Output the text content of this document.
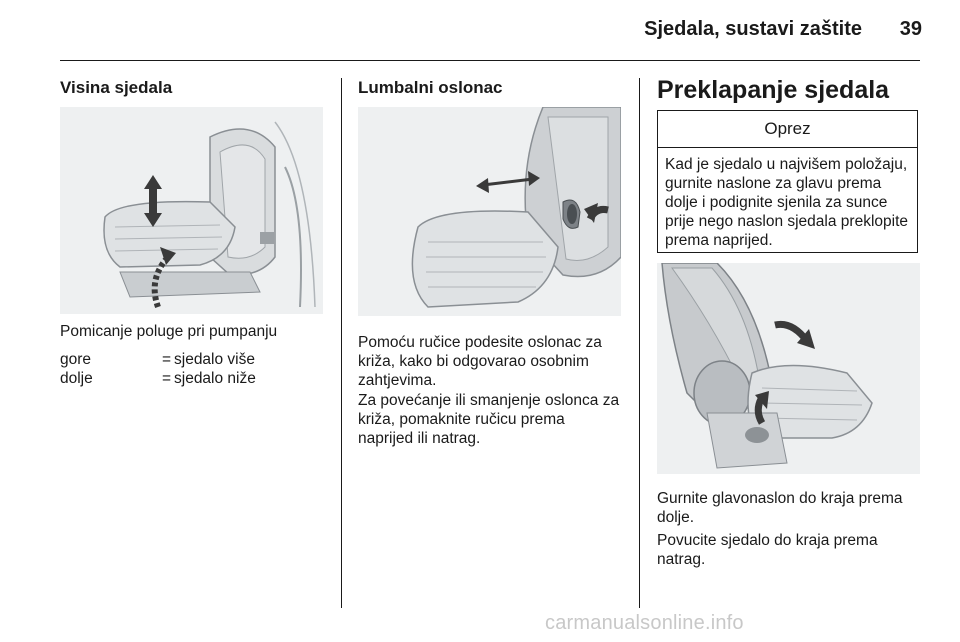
Sjedala, sustavi zaštite 39
Visina sjedala
Pomicanje poluge pri pumpanju
gore	= sjedalo više
dolje	= sjedalo niže
Lumbalni oslonac
Pomoću ručice podesite oslonac za križa, kako bi odgovarao osobnim zahtjevima.
Za povećanje ili smanjenje oslonca za križa, pomaknite ručicu prema naprijed ili natrag.
Preklapanje sjedala
Oprez
Kad je sjedalo u najvišem položaju, gurnite naslone za glavu prema dolje i podignite sjenila za sunce prije nego naslon sjedala preklopite prema naprijed.
Gurnite glavonaslon do kraja prema dolje.
Povucite sjedalo do kraja prema natrag.
carmanualsonline.info
